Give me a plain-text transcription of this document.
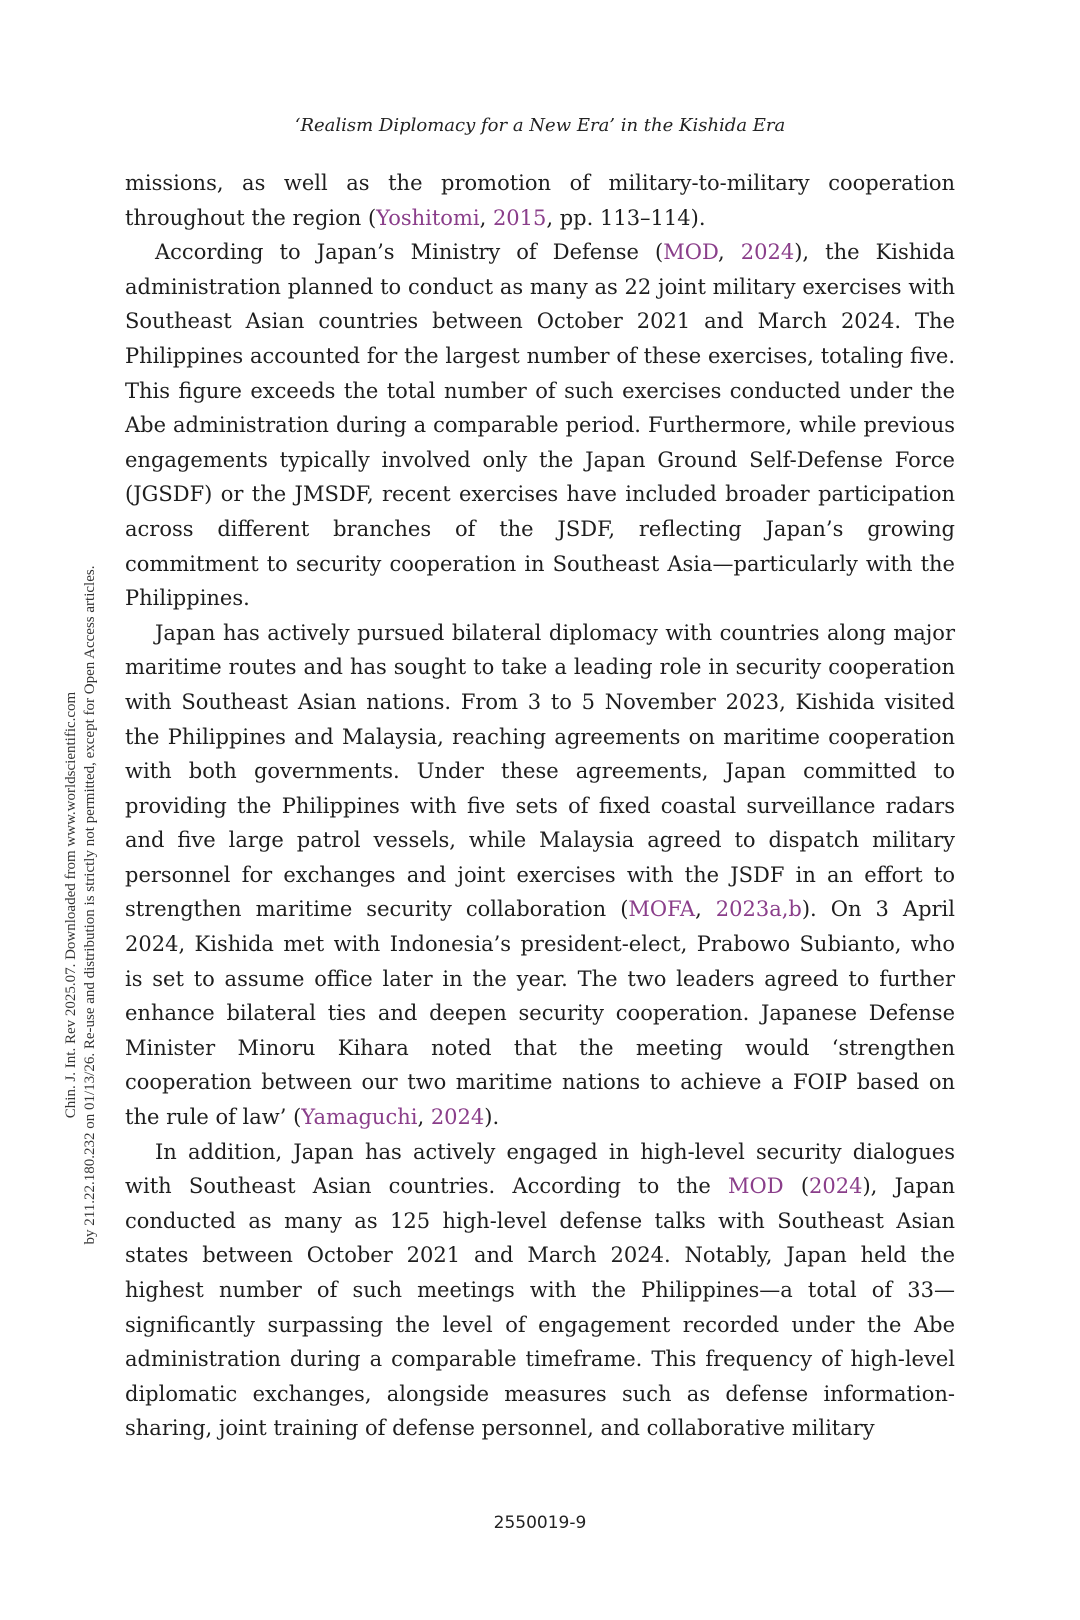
‘Realism Diplomacy for a New Era’ in the Kishida Era
Chin. J. Int. Rev 2025.07. Downloaded from www.worldscientific.com by 211.22.180.232 on 01/13/26. Re-use and distribution is strictly not permitted, except for Open Access articles.

missions, as well as the promotion of military-to-military cooperation throughout the region (Yoshitomi, 2015, pp. 113–114).

According to Japan’s Ministry of Defense (MOD, 2024), the Kishida administration planned to conduct as many as 22 joint military exercises with Southeast Asian countries between October 2021 and March 2024. The Philippines accounted for the largest number of these exercises, totaling five. This figure exceeds the total number of such exercises conducted under the Abe administration during a comparable period. Furthermore, while previous engagements typically involved only the Japan Ground Self-Defense Force (JGSDF) or the JMSDF, recent exercises have included broader participation across different branches of the JSDF, reflecting Japan’s growing commitment to security cooperation in Southeast Asia—particularly with the Philippines.

Japan has actively pursued bilateral diplomacy with countries along major maritime routes and has sought to take a leading role in security cooperation with Southeast Asian nations. From 3 to 5 November 2023, Kishida visited the Philippines and Malaysia, reaching agreements on maritime cooperation with both governments. Under these agreements, Japan committed to providing the Philippines with five sets of fixed coastal surveillance radars and five large patrol vessels, while Malaysia agreed to dispatch military personnel for exchanges and joint exercises with the JSDF in an effort to strengthen maritime security collaboration (MOFA, 2023a,b). On 3 April 2024, Kishida met with Indonesia’s president-elect, Prabowo Subianto, who is set to assume office later in the year. The two leaders agreed to further enhance bilateral ties and deepen security cooperation. Japanese Defense Minister Minoru Kihara noted that the meeting would ‘strengthen cooperation between our two maritime nations to achieve a FOIP based on the rule of law’ (Yamaguchi, 2024).

In addition, Japan has actively engaged in high-level security dialogues with Southeast Asian countries. According to the MOD (2024), Japan conducted as many as 125 high-level defense talks with Southeast Asian states between October 2021 and March 2024. Notably, Japan held the highest number of such meetings with the Philippines—a total of 33—significantly surpassing the level of engagement recorded under the Abe administration during a comparable timeframe. This frequency of high-level diplomatic exchanges, alongside measures such as defense information-sharing, joint training of defense personnel, and collaborative military

2550019-9
